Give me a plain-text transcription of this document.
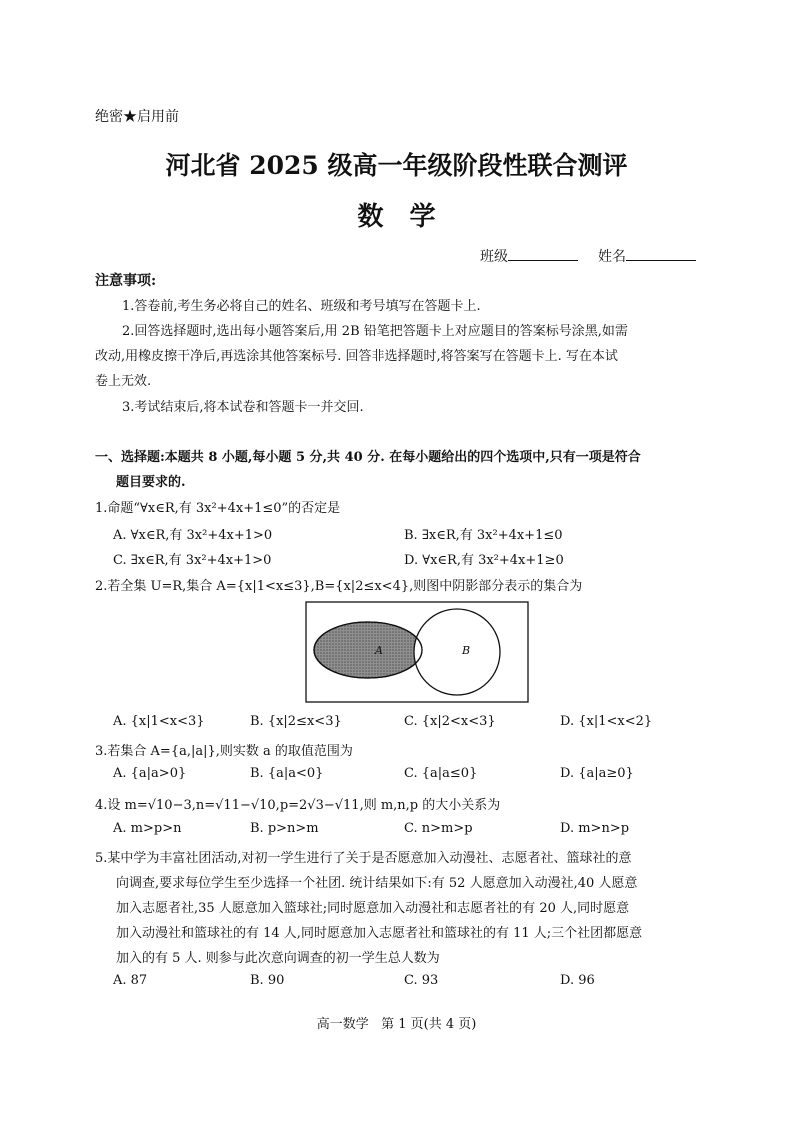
绝密★启用前
河北省 2025 级高一年级阶段性联合测评
数学
班级	姓名
注意事项:
1.答卷前,考生务必将自己的姓名、班级和考号填写在答题卡上.
2.回答选择题时,选出每小题答案后,用 2B 铅笔把答题卡上对应题目的答案标号涂黑,如需
改动,用橡皮擦干净后,再选涂其他答案标号. 回答非选择题时,将答案写在答题卡上. 写在本试
卷上无效.
3.考试结束后,将本试卷和答题卡一并交回.
一、选择题:本题共 8 小题,每小题 5 分,共 40 分. 在每小题给出的四个选项中,只有一项是符合
题目要求的.
1.命题“∀x∈R,有 3x²+4x+1≤0”的否定是
A. ∀x∈R,有 3x²+4x+1>0	B. ∃x∈R,有 3x²+4x+1≤0
C. ∃x∈R,有 3x²+4x+1>0	D. ∀x∈R,有 3x²+4x+1≥0
2.若全集 U=R,集合 A={x|1<x≤3},B={x|2≤x<4},则图中阴影部分表示的集合为
A	B
A. {x|1<x<3}	B. {x|2≤x<3}	C. {x|2<x<3}	D. {x|1<x<2}
3.若集合 A={a,|a|},则实数 a 的取值范围为
A. {a|a>0}	B. {a|a<0}	C. {a|a≤0}	D. {a|a≥0}
4.设 m=√10−3,n=√11−√10,p=2√3−√11,则 m,n,p 的大小关系为
A. m>p>n	B. p>n>m	C. n>m>p	D. m>n>p
5.某中学为丰富社团活动,对初一学生进行了关于是否愿意加入动漫社、志愿者社、篮球社的意
向调查,要求每位学生至少选择一个社团. 统计结果如下:有 52 人愿意加入动漫社,40 人愿意
加入志愿者社,35 人愿意加入篮球社;同时愿意加入动漫社和志愿者社的有 20 人,同时愿意
加入动漫社和篮球社的有 14 人,同时愿意加入志愿者社和篮球社的有 11 人;三个社团都愿意
加入的有 5 人. 则参与此次意向调查的初一学生总人数为
A. 87	B. 90	C. 93	D. 96
高一数学   第 1 页(共 4 页)
